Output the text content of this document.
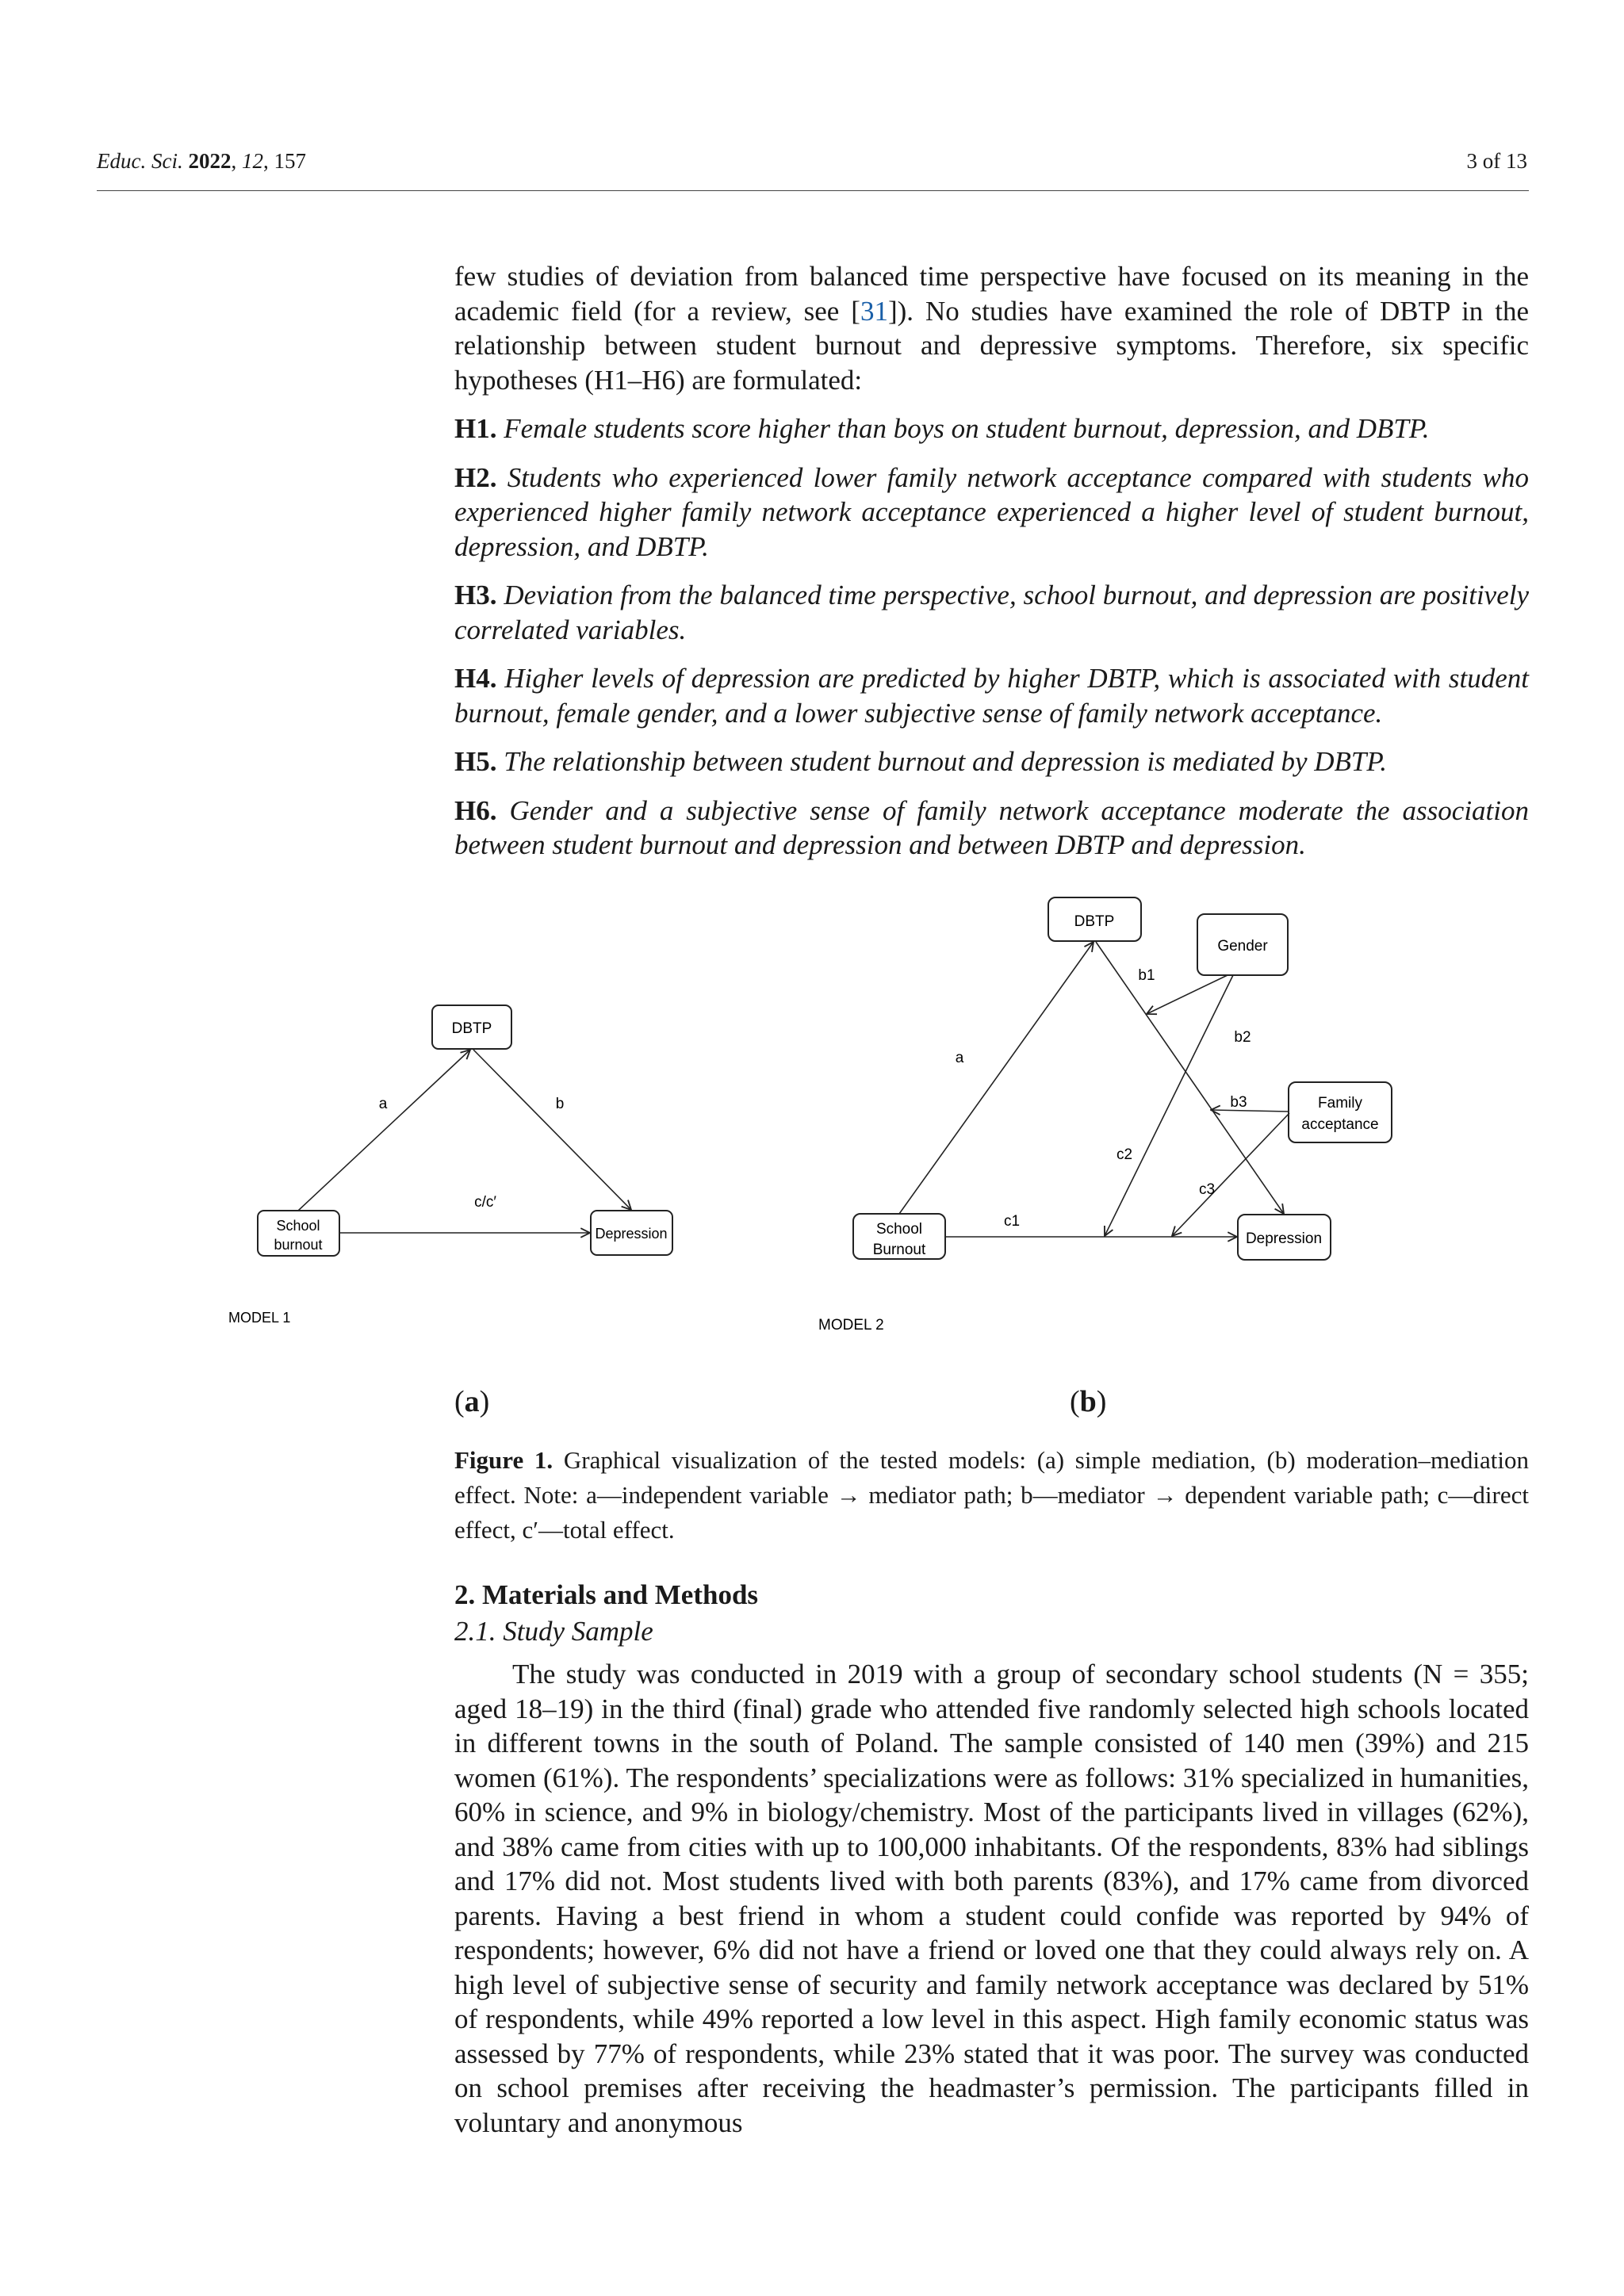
Educ. Sci. 2022, 12, 157	3 of 13

few studies of deviation from balanced time perspective have focused on its meaning in the academic field (for a review, see [31]). No studies have examined the role of DBTP in the relationship between student burnout and depressive symptoms. Therefore, six specific hypotheses (H1–H6) are formulated:

H1. Female students score higher than boys on student burnout, depression, and DBTP.

H2. Students who experienced lower family network acceptance compared with students who experienced higher family network acceptance experienced a higher level of student burnout, depression, and DBTP.

H3. Deviation from the balanced time perspective, school burnout, and depression are positively correlated variables.

H4. Higher levels of depression are predicted by higher DBTP, which is associated with student burnout, female gender, and a lower subjective sense of family network acceptance.

H5. The relationship between student burnout and depression is mediated by DBTP.

H6. Gender and a subjective sense of family network acceptance moderate the association between student burnout and depression and between DBTP and depression.

DBTP
School
burnout
Depression
a	b
c/c′
MODEL 1
DBTP
Gender
Family
acceptance
School
Burnout
Depression
a
b1
b2
b3
c1
c2
c3
MODEL 2
(a)	(b)
Figure 1. Graphical visualization of the tested models: (a) simple mediation, (b) moderation–mediation effect. Note: a—independent variable → mediator path; b—mediator → dependent variable path; c—direct effect, c′—total effect.
2. Materials and Methods
2.1. Study Sample

The study was conducted in 2019 with a group of secondary school students (N = 355; aged 18–19) in the third (final) grade who attended five randomly selected high schools located in different towns in the south of Poland. The sample consisted of 140 men (39%) and 215 women (61%). The respondents’ specializations were as follows: 31% specialized in humanities, 60% in science, and 9% in biology/chemistry. Most of the participants lived in villages (62%), and 38% came from cities with up to 100,000 inhabitants. Of the respondents, 83% had siblings and 17% did not. Most students lived with both parents (83%), and 17% came from divorced parents. Having a best friend in whom a student could confide was reported by 94% of respondents; however, 6% did not have a friend or loved one that they could always rely on. A high level of subjective sense of security and family network acceptance was declared by 51% of respondents, while 49% reported a low level in this aspect. High family economic status was assessed by 77% of respondents, while 23% stated that it was poor. The survey was conducted on school premises after receiving the headmaster’s permission. The participants filled in voluntary and anonymous
